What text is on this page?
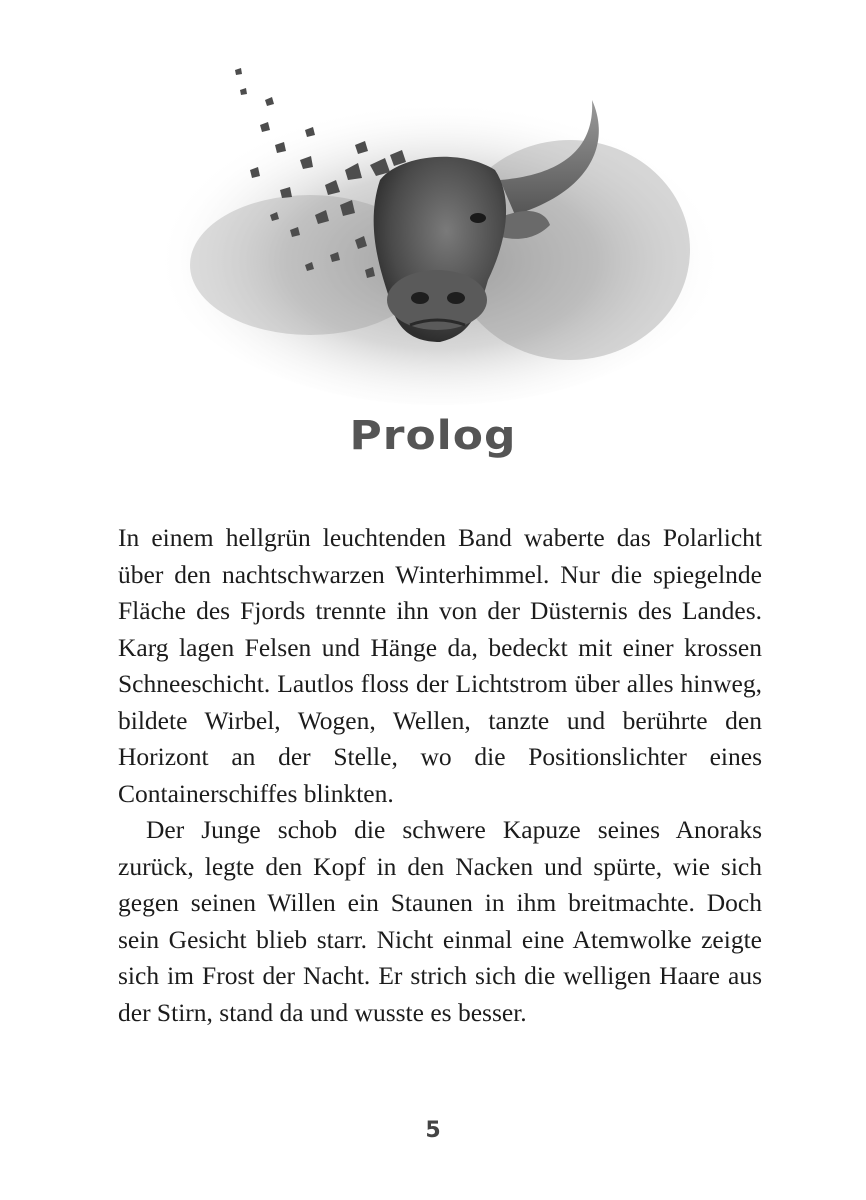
Prolog

In einem hellgrün leuchtenden Band waberte das Polarlicht über den nachtschwarzen Winterhimmel. Nur die spiegelnde Fläche des Fjords trennte ihn von der Düsternis des Landes. Karg lagen Felsen und Hänge da, bedeckt mit einer krossen Schneeschicht. Lautlos floss der Lichtstrom über alles hinweg, bildete Wirbel, Wogen, Wellen, tanzte und berührte den Horizont an der Stelle, wo die Positionslichter eines Containerschiffes blinkten.

Der Junge schob die schwere Kapuze seines Anoraks zurück, legte den Kopf in den Nacken und spürte, wie sich gegen seinen Willen ein Staunen in ihm breitmachte. Doch sein Gesicht blieb starr. Nicht einmal eine Atemwolke zeigte sich im Frost der Nacht. Er strich sich die welligen Haare aus der Stirn, stand da und wusste es besser.

5
